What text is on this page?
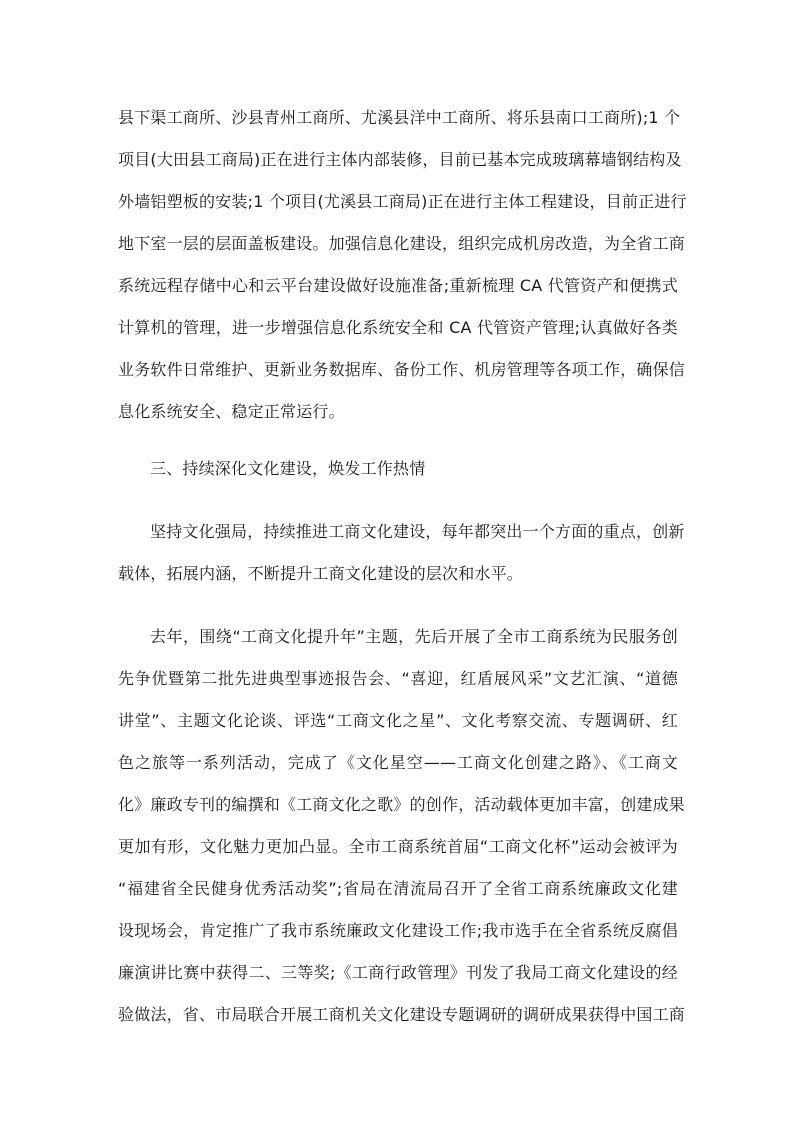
县下渠工商所、沙县青州工商所、尤溪县洋中工商所、将乐县南口工商所);1 个
项目(大田县工商局)正在进行主体内部装修，目前已基本完成玻璃幕墙钢结构及
外墙铝塑板的安装;1 个项目(尤溪县工商局)正在进行主体工程建设，目前正进行
地下室一层的层面盖板建设。加强信息化建设，组织完成机房改造，为全省工商
系统远程存储中心和云平台建设做好设施准备;重新梳理 CA 代管资产和便携式
计算机的管理，进一步增强信息化系统安全和 CA 代管资产管理;认真做好各类
业务软件日常维护、更新业务数据库、备份工作、机房管理等各项工作，确保信
息化系统安全、稳定正常运行。
三、持续深化文化建设，焕发工作热情
坚持文化强局，持续推进工商文化建设，每年都突出一个方面的重点，创新
载体，拓展内涵，不断提升工商文化建设的层次和水平。
去年，围绕“工商文化提升年”主题，先后开展了全市工商系统为民服务创
先争优暨第二批先进典型事迹报告会、“喜迎，红盾展风采”文艺汇演、“道德
讲堂”、主题文化论谈、评选“工商文化之星”、文化考察交流、专题调研、红
色之旅等一系列活动，完成了《文化星空——工商文化创建之路》、《工商文
化》廉政专刊的编撰和《工商文化之歌》的创作，活动载体更加丰富，创建成果
更加有形，文化魅力更加凸显。全市工商系统首届“工商文化杯”运动会被评为
“福建省全民健身优秀活动奖”;省局在清流局召开了全省工商系统廉政文化建
设现场会，肯定推广了我市系统廉政文化建设工作;我市选手在全省系统反腐倡
廉演讲比赛中获得二、三等奖;《工商行政管理》刊发了我局工商文化建设的经
验做法，省、市局联合开展工商机关文化建设专题调研的调研成果获得中国工商
